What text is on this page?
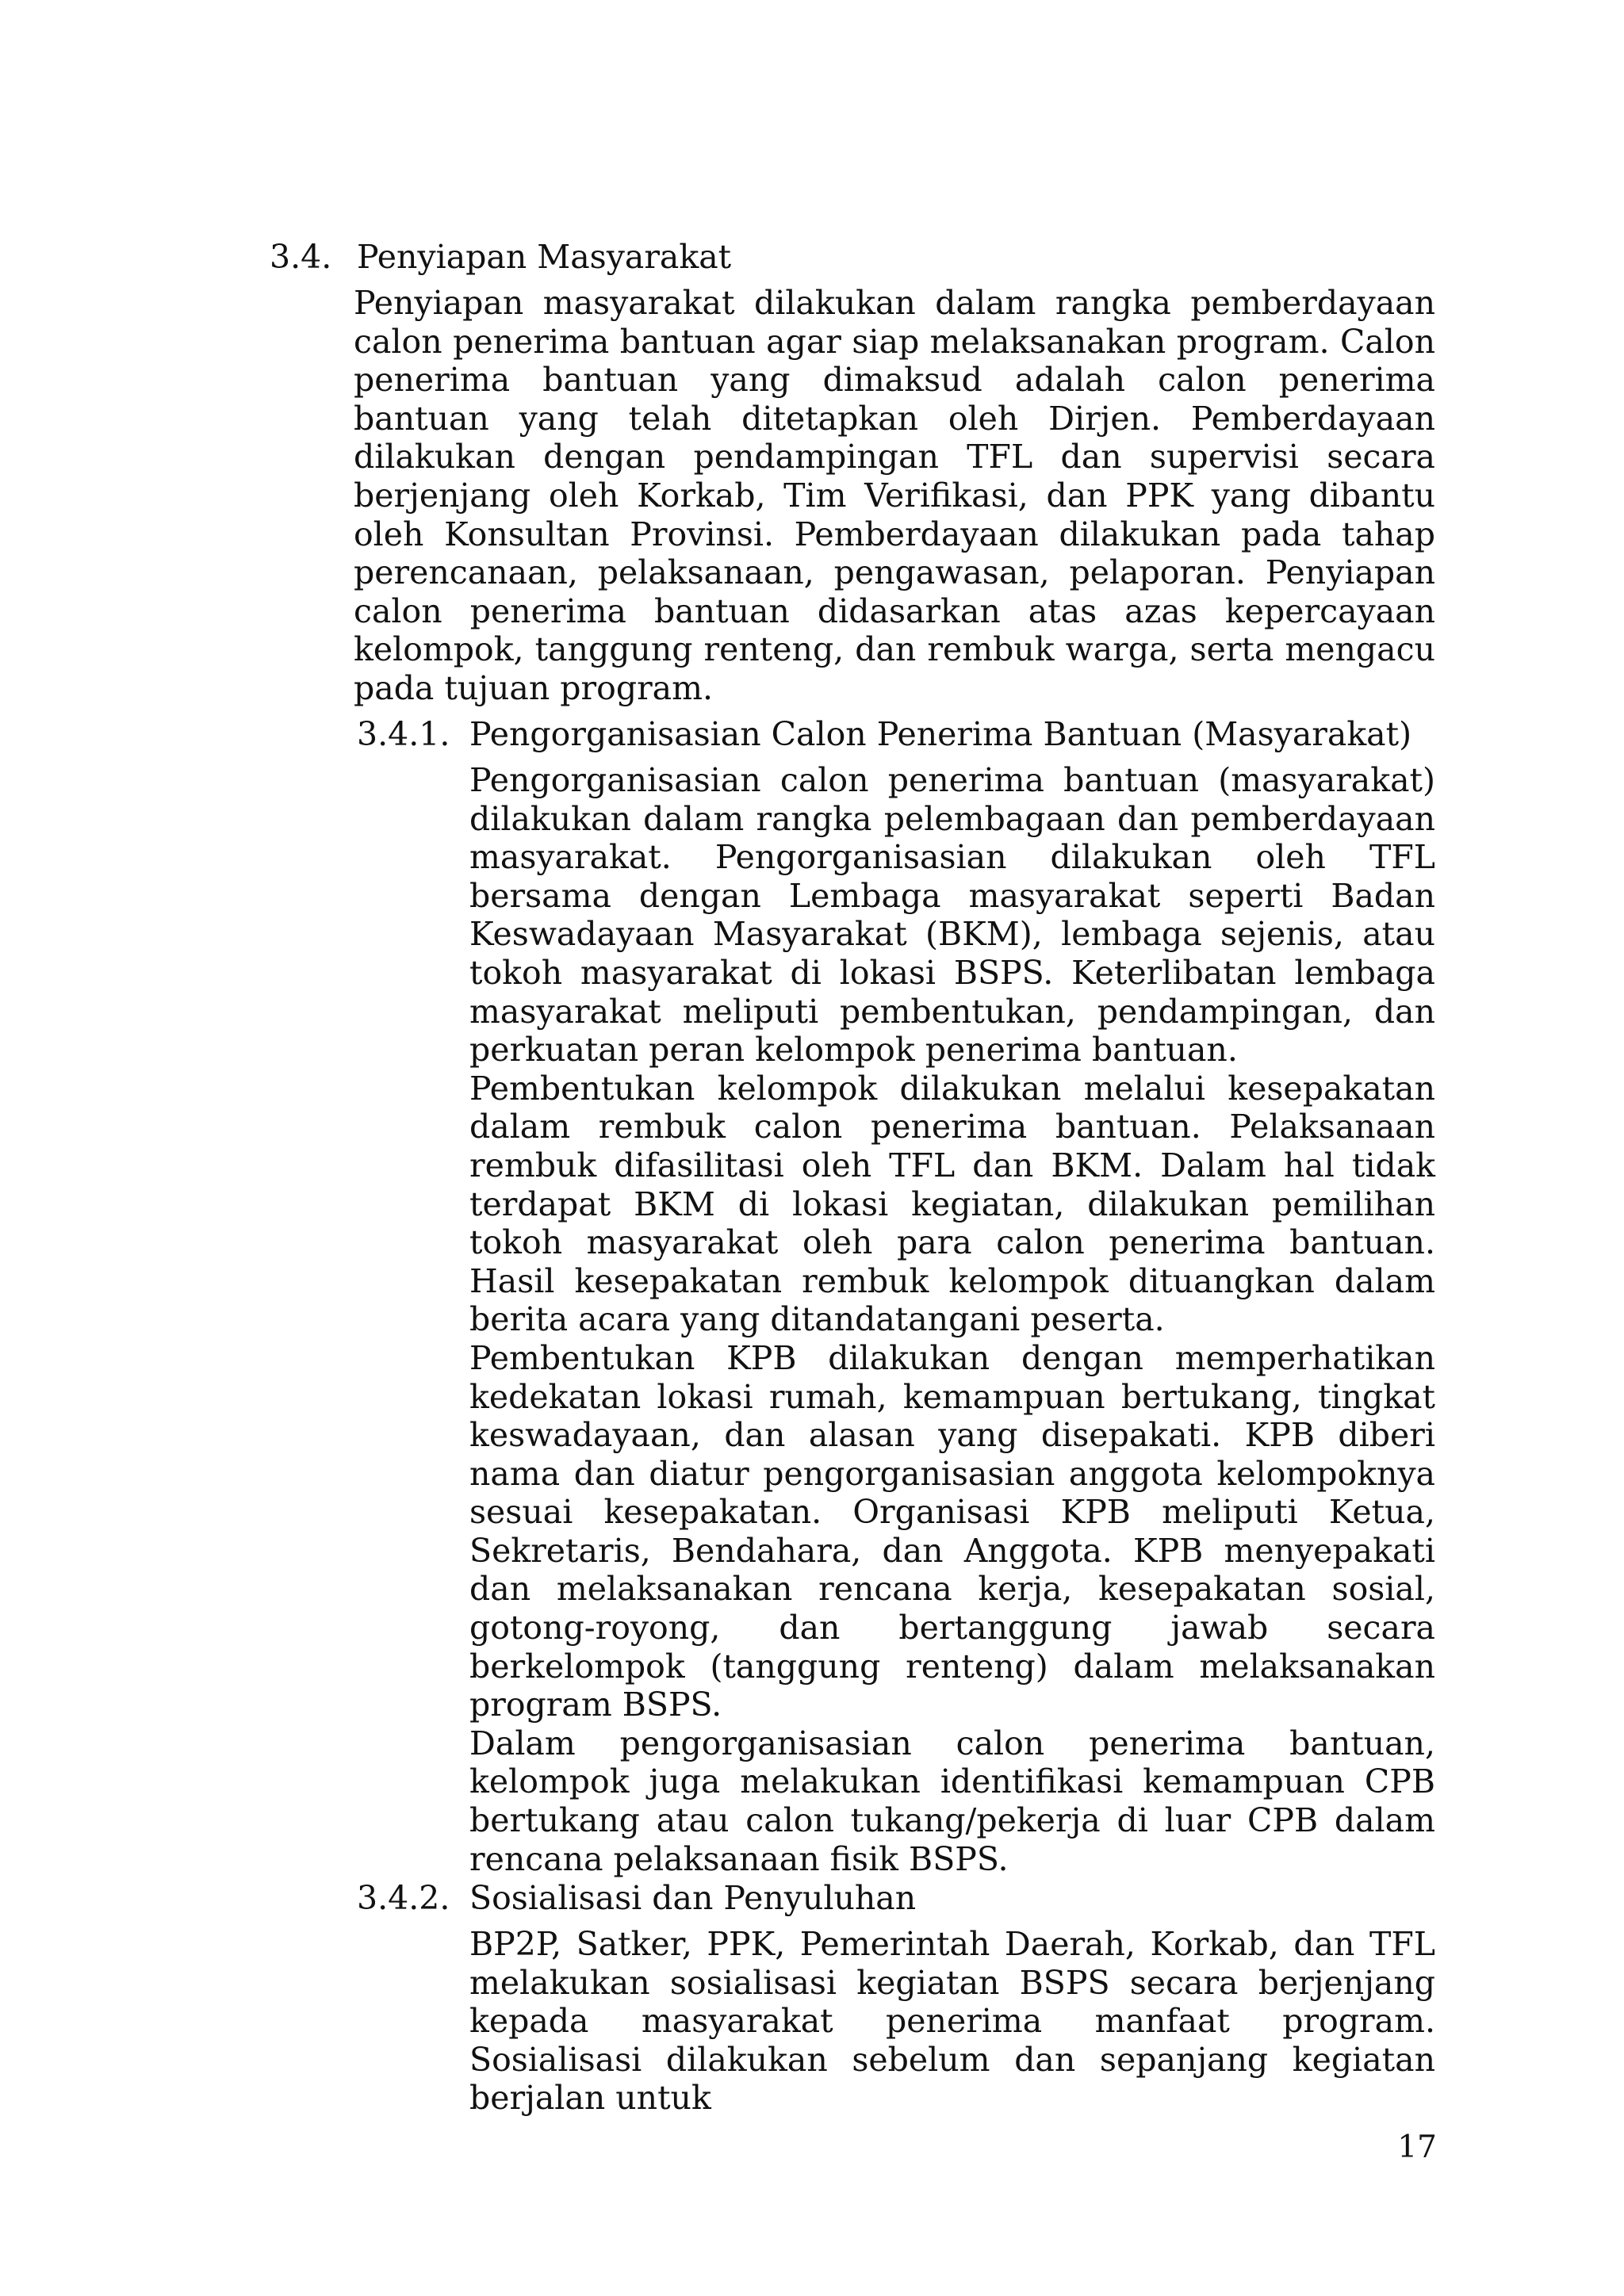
3.4. Penyiapan Masyarakat

Penyiapan masyarakat dilakukan dalam rangka pemberdayaan calon penerima bantuan agar siap melaksanakan program. Calon penerima bantuan yang dimaksud adalah calon penerima bantuan yang telah ditetapkan oleh Dirjen. Pemberdayaan dilakukan dengan pendampingan TFL dan supervisi secara berjenjang oleh Korkab, Tim Verifikasi, dan PPK yang dibantu oleh Konsultan Provinsi. Pemberdayaan dilakukan pada tahap perencanaan, pelaksanaan, pengawasan, pelaporan. Penyiapan calon penerima bantuan didasarkan atas azas kepercayaan kelompok, tanggung renteng, dan rembuk warga, serta mengacu pada tujuan program.

3.4.1. Pengorganisasian Calon Penerima Bantuan (Masyarakat)

Pengorganisasian calon penerima bantuan (masyarakat) dilakukan dalam rangka pelembagaan dan pemberdayaan masyarakat. Pengorganisasian dilakukan oleh TFL bersama dengan Lembaga masyarakat seperti Badan Keswadayaan Masyarakat (BKM), lembaga sejenis, atau tokoh masyarakat di lokasi BSPS. Keterlibatan lembaga masyarakat meliputi pembentukan, pendampingan, dan perkuatan peran kelompok penerima bantuan.

Pembentukan kelompok dilakukan melalui kesepakatan dalam rembuk calon penerima bantuan. Pelaksanaan rembuk difasilitasi oleh TFL dan BKM. Dalam hal tidak terdapat BKM di lokasi kegiatan, dilakukan pemilihan tokoh masyarakat oleh para calon penerima bantuan. Hasil kesepakatan rembuk kelompok dituangkan dalam berita acara yang ditandatangani peserta.

Pembentukan KPB dilakukan dengan memperhatikan kedekatan lokasi rumah, kemampuan bertukang, tingkat keswadayaan, dan alasan yang disepakati. KPB diberi nama dan diatur pengorganisasian anggota kelompoknya sesuai kesepakatan. Organisasi KPB meliputi Ketua, Sekretaris, Bendahara, dan Anggota. KPB menyepakati dan melaksanakan rencana kerja, kesepakatan sosial, gotong-royong, dan bertanggung jawab secara berkelompok (tanggung renteng) dalam melaksanakan program BSPS.

Dalam pengorganisasian calon penerima bantuan, kelompok juga melakukan identifikasi kemampuan CPB bertukang atau calon tukang/pekerja di luar CPB dalam rencana pelaksanaan fisik BSPS.

3.4.2. Sosialisasi dan Penyuluhan

BP2P, Satker, PPK, Pemerintah Daerah, Korkab, dan TFL melakukan sosialisasi kegiatan BSPS secara berjenjang kepada masyarakat penerima manfaat program. Sosialisasi dilakukan sebelum dan sepanjang kegiatan berjalan untuk

17
